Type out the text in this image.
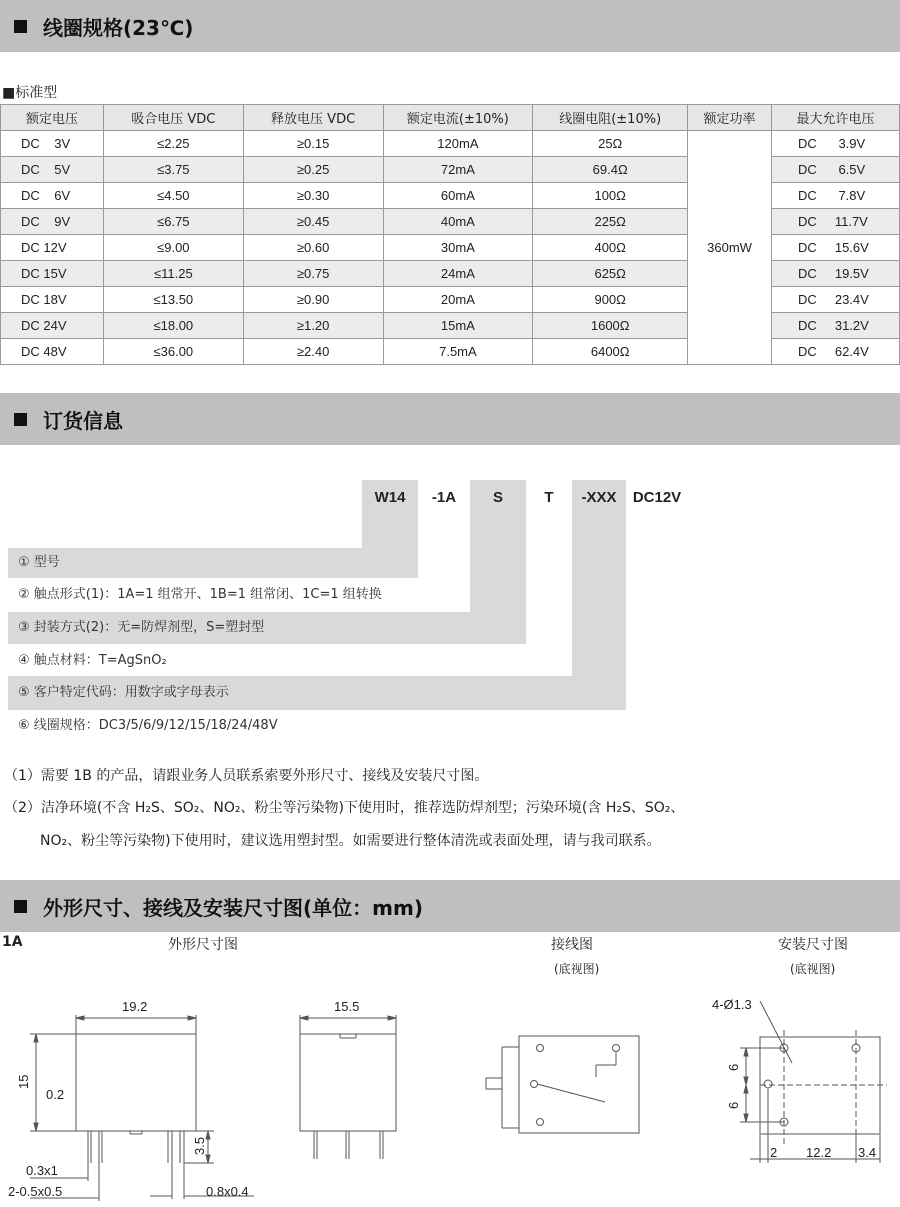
线圈规格(23℃)
■标准型
额定电压	吸合电压 VDC	释放电压 VDC	额定电流(±10%)	线圈电阻(±10%)	额定功率	最大允许电压
DC    3V	≤2.25	≥0.15	120mA	25Ω	360mW	DC      3.9V
DC    5V	≤3.75	≥0.25	72mA	69.4Ω		DC      6.5V
DC    6V	≤4.50	≥0.30	60mA	100Ω		DC      7.8V
DC    9V	≤6.75	≥0.45	40mA	225Ω		DC     11.7V
DC 12V	≤9.00	≥0.60	30mA	400Ω		DC     15.6V
DC 15V	≤11.25	≥0.75	24mA	625Ω		DC     19.5V
DC 18V	≤13.50	≥0.90	20mA	900Ω		DC     23.4V
DC 24V	≤18.00	≥1.20	15mA	1600Ω		DC     31.2V
DC 48V	≤36.00	≥2.40	7.5mA	6400Ω		DC     62.4V
订货信息
W14	-1A	S	T	-XXX	DC12V
① 型号
② 触点形式(1)：1A=1 组常开、1B=1 组常闭、1C=1 组转换
③ 封装方式(2)：无=防焊剂型，S=塑封型
④ 触点材料：T=AgSnO₂
⑤ 客户特定代码：用数字或字母表示
⑥ 线圈规格：DC3/5/6/9/12/15/18/24/48V
（1）需要 1B 的产品，请跟业务人员联系索要外形尺寸、接线及安装尺寸图。
（2）洁净环境(不含 H₂S、SO₂、NO₂、粉尘等污染物)下使用时，推荐选防焊剂型；污染环境(含 H₂S、SO₂、
NO₂、粉尘等污染物)下使用时，建议选用塑封型。如需要进行整体清洗或表面处理，请与我司联系。
外形尺寸、接线及安装尺寸图(单位：mm)
1A	外形尺寸图	接线图
(底视图)
安装尺寸图
(底视图)
19.2	15.5
15
0.2
3.5
0.3x1
2-0.5x0.5	0.8x0.4
4-Ø1.3
6
6
2 12.2 3.4
